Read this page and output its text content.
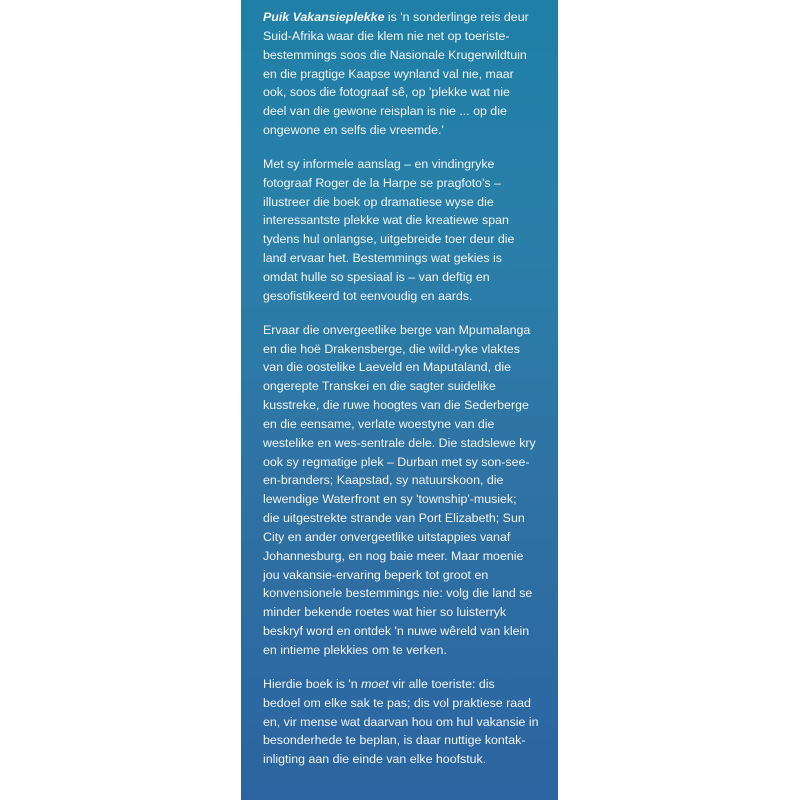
Puik Vakansieplekke is 'n sonderlinge reis deur
Suid-Afrika waar die klem nie net op toeriste-
bestemmings soos die Nasionale Krugerwildtuin
en die pragtige Kaapse wynland val nie, maar
ook, soos die fotograaf sê, op 'plekke wat nie
deel van die gewone reisplan is nie ... op die
ongewone en selfs die vreemde.'

Met sy informele aanslag – en vindingryke
fotograaf Roger de la Harpe se pragfoto's –
illustreer die boek op dramatiese wyse die
interessantste plekke wat die kreatiewe span
tydens hul onlangse, uitgebreide toer deur die
land ervaar het. Bestemmings wat gekies is
omdat hulle so spesiaal is – van deftig en
gesofistikeerd tot eenvoudig en aards.

Ervaar die onvergeetlike berge van Mpumalanga
en die hoë Drakensberge, die wild-ryke vlaktes
van die oostelike Laeveld en Maputaland, die
ongerepte Transkei en die sagter suidelike
kusstreke, die ruwe hoogtes van die Sederberge
en die eensame, verlate woestyne van die
westelike en wes-sentrale dele. Die stadslewe kry
ook sy regmatige plek – Durban met sy son-see-
en-branders; Kaapstad, sy natuurskoon, die
lewendige Waterfront en sy 'township'-musiek;
die uitgestrekte strande van Port Elizabeth; Sun
City en ander onvergeetlike uitstappies vanaf
Johannesburg, en nog baie meer. Maar moenie
jou vakansie-ervaring beperk tot groot en
konvensionele bestemmings nie: volg die land se
minder bekende roetes wat hier so luisterryk
beskryf word en ontdek 'n nuwe wêreld van klein
en intieme plekkies om te verken.

Hierdie boek is 'n moet vir alle toeriste: dis
bedoel om elke sak te pas; dis vol praktiese raad
en, vir mense wat daarvan hou om hul vakansie in
besonderhede te beplan, is daar nuttige kontak-
inligting aan die einde van elke hoofstuk.
